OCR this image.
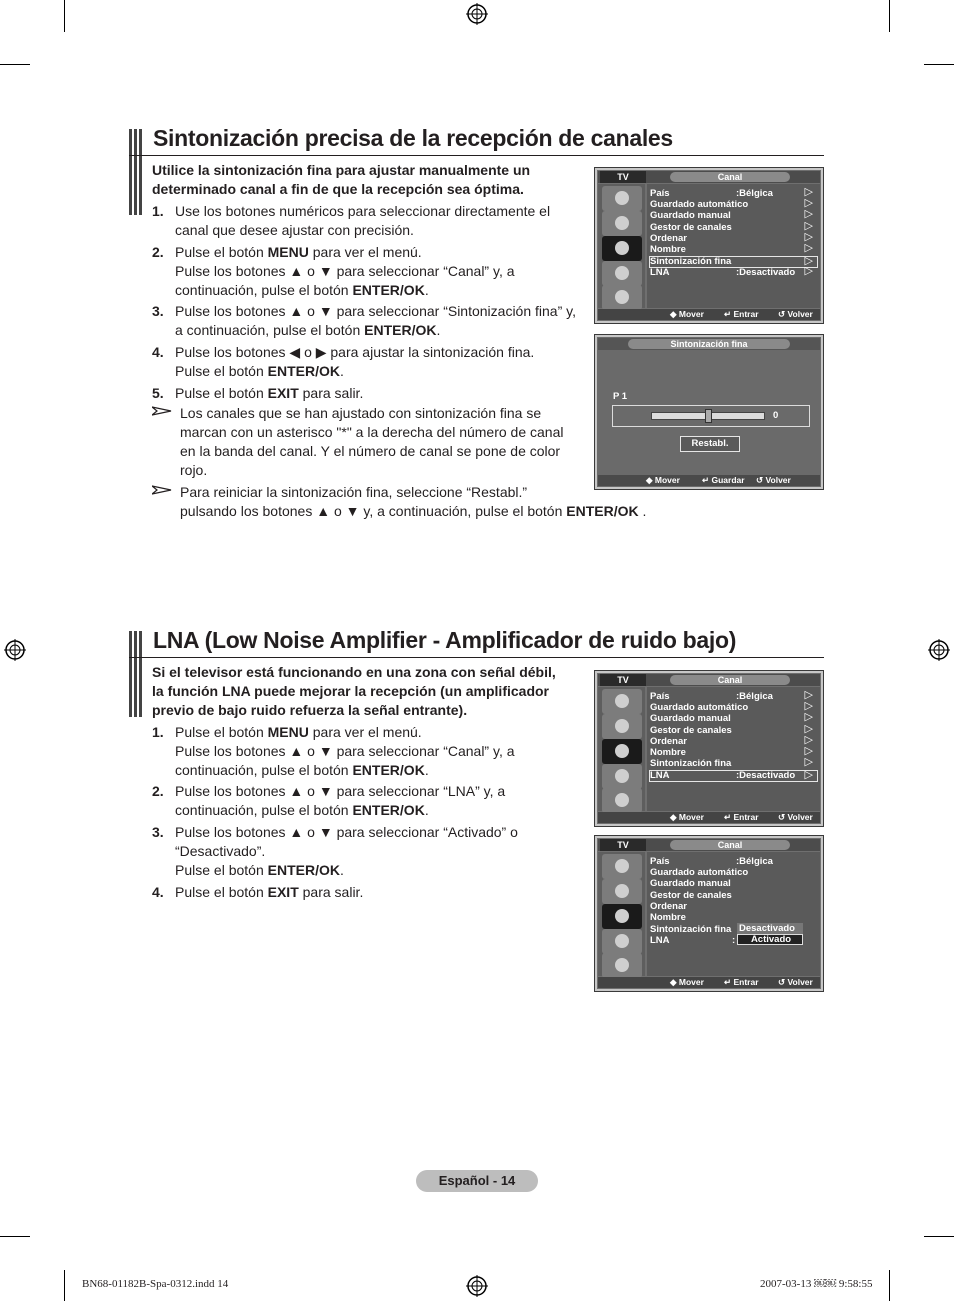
Sintonización precisa de la recepción de canales
Utilice la sintonización fina para ajustar manualmente un
determinado canal a fin de que la recepción sea óptima.
1. Use los botones numéricos para seleccionar directamente el
canal que desee ajustar con precisión.
2. Pulse el botón MENU para ver el menú.
Pulse los botones ▲ o ▼ para seleccionar “Canal” y, a
continuación, pulse el botón ENTER/OK.
3. Pulse los botones ▲ o ▼ para seleccionar “Sintonización fina” y,
a continuación, pulse el botón ENTER/OK.
4. Pulse los botones ◀ o ▶ para ajustar la sintonización fina.
Pulse el botón ENTER/OK.
5. Pulse el botón EXIT para salir.
Los canales que se han ajustado con sintonización fina se
marcan con un asterisco "*" a la derecha del número de canal
en la banda del canal. Y el número de canal se pone de color
rojo.
Para reiniciar la sintonización fina, seleccione “Restabl.”
pulsando los botones ▲ o ▼ y, a continuación, pulse el botón ENTER/OK .
TV	Canal
País	:Bélgica	▷
Guardado automático	▷
Guardado manual	▷
Gestor de canales	▷
Ordenar	▷
Nombre	▷
Sintonización fina	▷
LNA	:Desactivado ▷
◆ Mover ↵ Entrar ↺ Volver
Sintonización fina
P 1
0
Restabl.
◆ Mover	↵ Guardar ↺ Volver
LNA (Low Noise Amplifier - Amplificador de ruido bajo)
Si el televisor está funcionando en una zona con señal débil,
la función LNA puede mejorar la recepción (un amplificador
previo de bajo ruido refuerza la señal entrante).
1. Pulse el botón MENU para ver el menú.
Pulse los botones ▲ o ▼ para seleccionar “Canal” y, a
continuación, pulse el botón ENTER/OK.
2. Pulse los botones ▲ o ▼ para seleccionar “LNA” y, a
continuación, pulse el botón ENTER/OK.
3. Pulse los botones ▲ o ▼ para seleccionar “Activado” o
“Desactivado”.
Pulse el botón ENTER/OK.
4. Pulse el botón EXIT para salir.
TV	Canal
País	:Bélgica	▷
Guardado automático	▷
Guardado manual	▷
Gestor de canales	▷
Ordenar	▷
Nombre	▷
Sintonización fina	▷
LNA	:Desactivado ▷
◆ Mover ↵ Entrar ↺ Volver
TV	Canal
País	:Bélgica
Guardado automático
Guardado manual
Gestor de canales
Ordenar
Nombre
Sintonización fina
LNA	:
Desactivado
Activado
◆ Mover ↵ Entrar ↺ Volver
Español - 14
BN68-01182B-Spa-0312.indd 14	2007-03-13 ￼￼ 9:58:55
